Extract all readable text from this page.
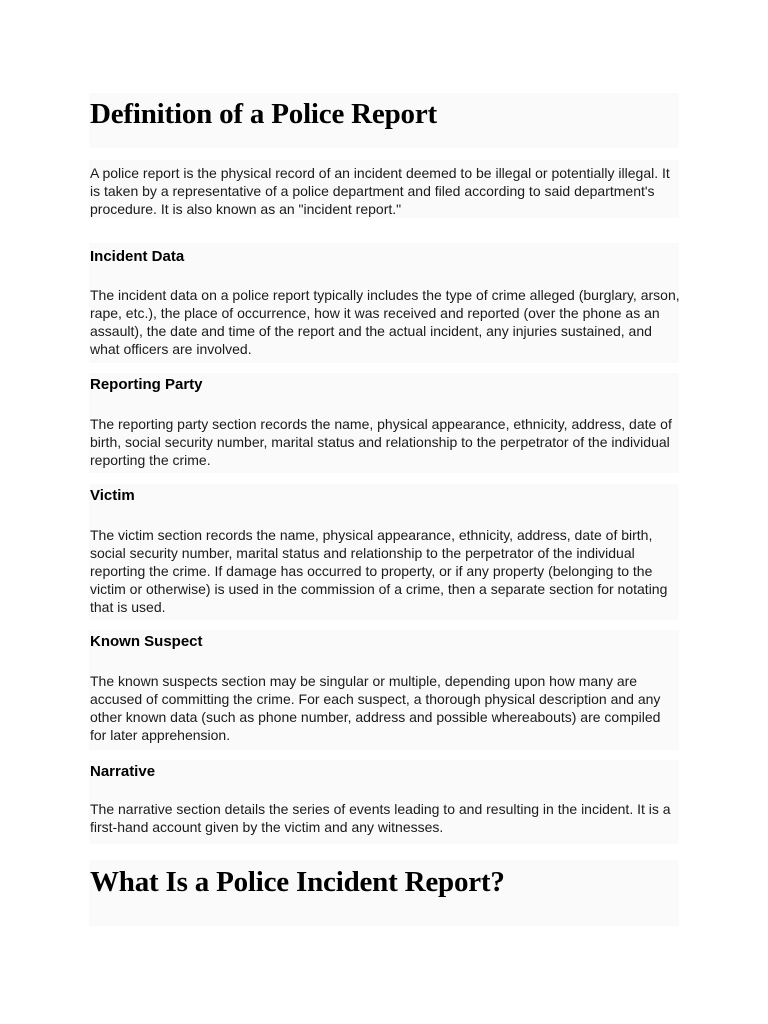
Definition of a Police Report

A police report is the physical record of an incident deemed to be illegal or potentially illegal. It is taken by a representative of a police department and filed according to said department's procedure. It is also known as an "incident report."

Incident Data

The incident data on a police report typically includes the type of crime alleged (burglary, arson, rape, etc.), the place of occurrence, how it was received and reported (over the phone as an assault), the date and time of the report and the actual incident, any injuries sustained, and what officers are involved.

Reporting Party

The reporting party section records the name, physical appearance, ethnicity, address, date of birth, social security number, marital status and relationship to the perpetrator of the individual reporting the crime.

Victim

The victim section records the name, physical appearance, ethnicity, address, date of birth, social security number, marital status and relationship to the perpetrator of the individual reporting the crime. If damage has occurred to property, or if any property (belonging to the victim or otherwise) is used in the commission of a crime, then a separate section for notating that is used.

Known Suspect

The known suspects section may be singular or multiple, depending upon how many are accused of committing the crime. For each suspect, a thorough physical description and any other known data (such as phone number, address and possible whereabouts) are compiled for later apprehension.

Narrative

The narrative section details the series of events leading to and resulting in the incident. It is a first-hand account given by the victim and any witnesses.

What Is a Police Incident Report?
